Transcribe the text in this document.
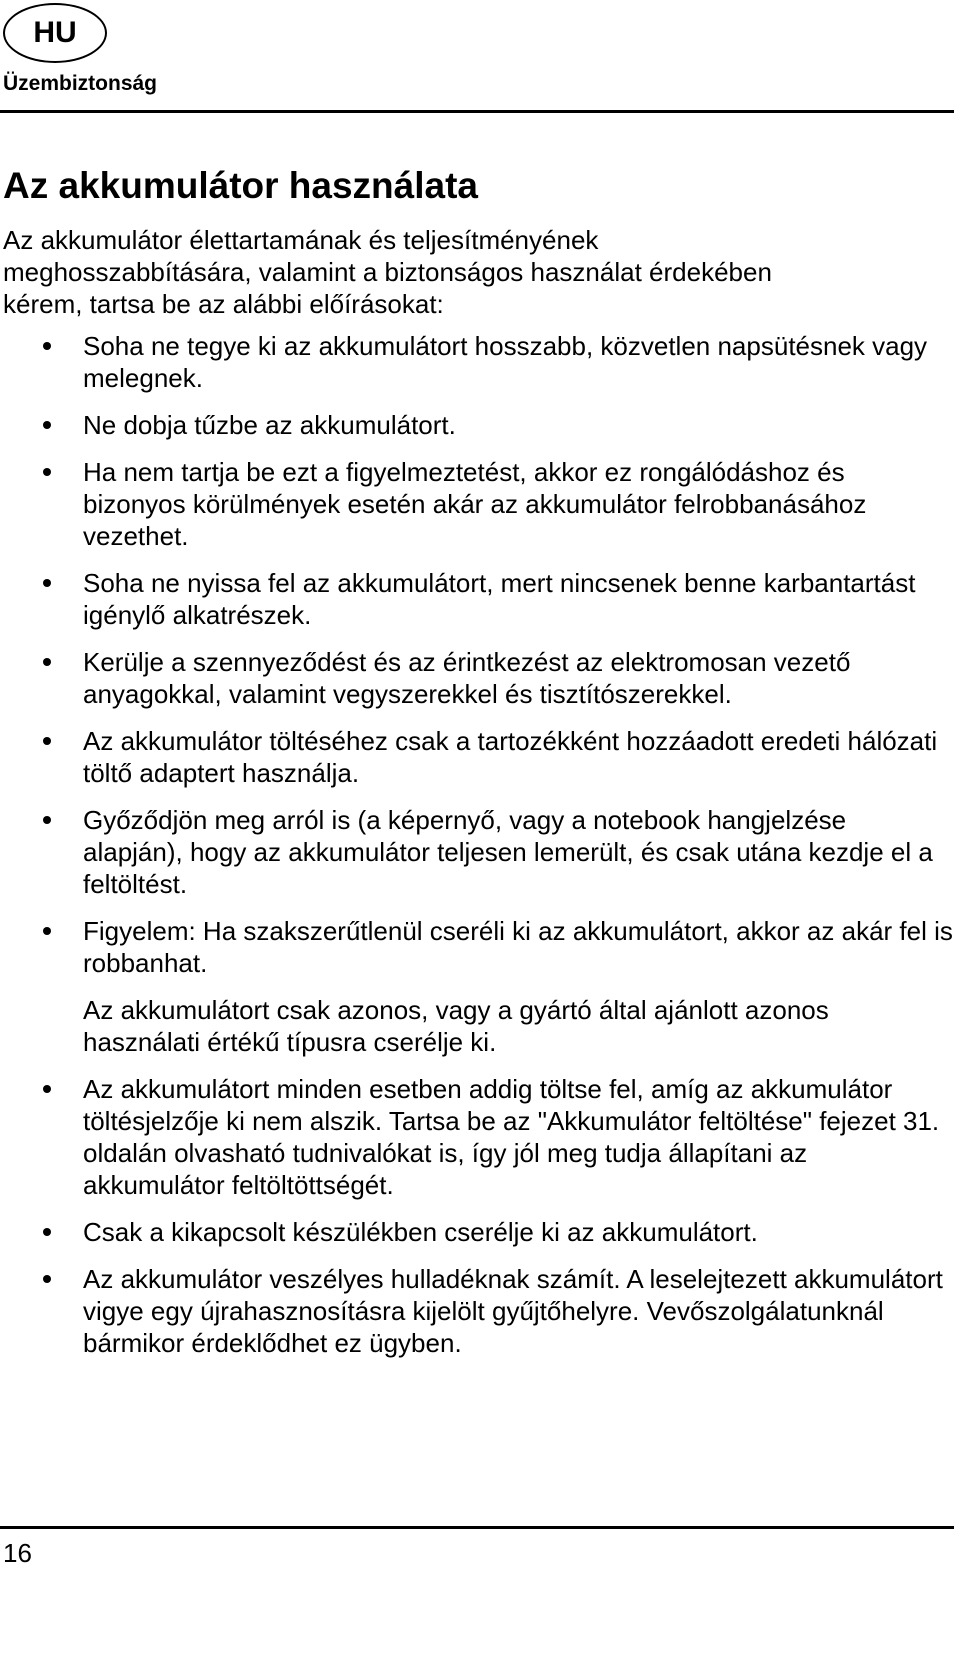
HU
Üzembiztonság
Az akkumulátor használata

Az akkumulátor élettartamának és teljesítményének meghosszabbítására, valamint a biztonságos használat érdekében kérem, tartsa be az alábbi előírásokat:

Soha ne tegye ki az akkumulátort hosszabb, közvetlen napsütésnek vagy melegnek.
Ne dobja tűzbe az akkumulátort.
Ha nem tartja be ezt a figyelmeztetést, akkor ez rongálódáshoz és bizonyos körülmények esetén akár az akkumulátor felrobbanásához vezethet.
Soha ne nyissa fel az akkumulátort, mert nincsenek benne karbantartást igénylő alkatrészek.
Kerülje a szennyeződést és az érintkezést az elektromosan vezető anyagokkal, valamint vegyszerekkel és tisztítószerekkel.
Az akkumulátor töltéséhez csak a tartozékként hozzáadott eredeti hálózati töltő adaptert használja.
Győződjön meg arról is (a képernyő, vagy a notebook hangjelzése alapján), hogy az akkumulátor teljesen lemerült, és csak utána kezdje el a feltöltést.
Figyelem: Ha szakszerűtlenül cseréli ki az akkumulátort, akkor az akár fel is robbanhat.
Az akkumulátort csak azonos, vagy a gyártó által ajánlott azonos használati értékű típusra cserélje ki.
Az akkumulátort minden esetben addig töltse fel, amíg az akkumulátor töltésjelzője ki nem alszik. Tartsa be az "Akkumulátor feltöltése" fejezet 31. oldalán olvasható tudnivalókat is, így jól meg tudja állapítani az akkumulátor feltöltöttségét.
Csak a kikapcsolt készülékben cserélje ki az akkumulátort.
Az akkumulátor veszélyes hulladéknak számít. A leselejtezett akkumulátort vigye egy újrahasznosításra kijelölt gyűjtőhelyre. Vevőszolgálatunknál bármikor érdeklődhet ez ügyben.
16
